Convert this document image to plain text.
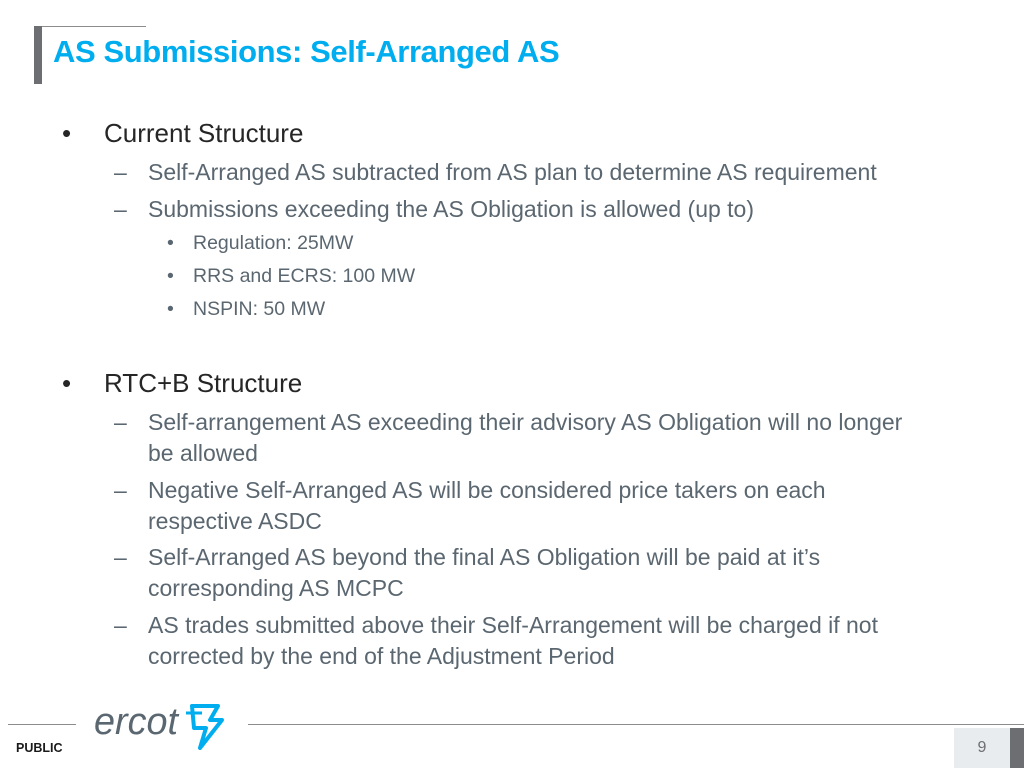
AS Submissions: Self-Arranged AS
• Current Structure
– Self-Arranged AS subtracted from AS plan to determine AS requirement
– Submissions exceeding the AS Obligation is allowed (up to)
• Regulation: 25MW
• RRS and ECRS: 100 MW
• NSPIN: 50 MW
• RTC+B Structure
– Self-arrangement AS exceeding their advisory AS Obligation will no longer be allowed
– Negative Self-Arranged AS will be considered price takers on each respective ASDC
– Self-Arranged AS beyond the final AS Obligation will be paid at it’s corresponding AS MCPC
– AS trades submitted above their Self-Arrangement will be charged if not corrected by the end of the Adjustment Period
ercot
PUBLIC	9
